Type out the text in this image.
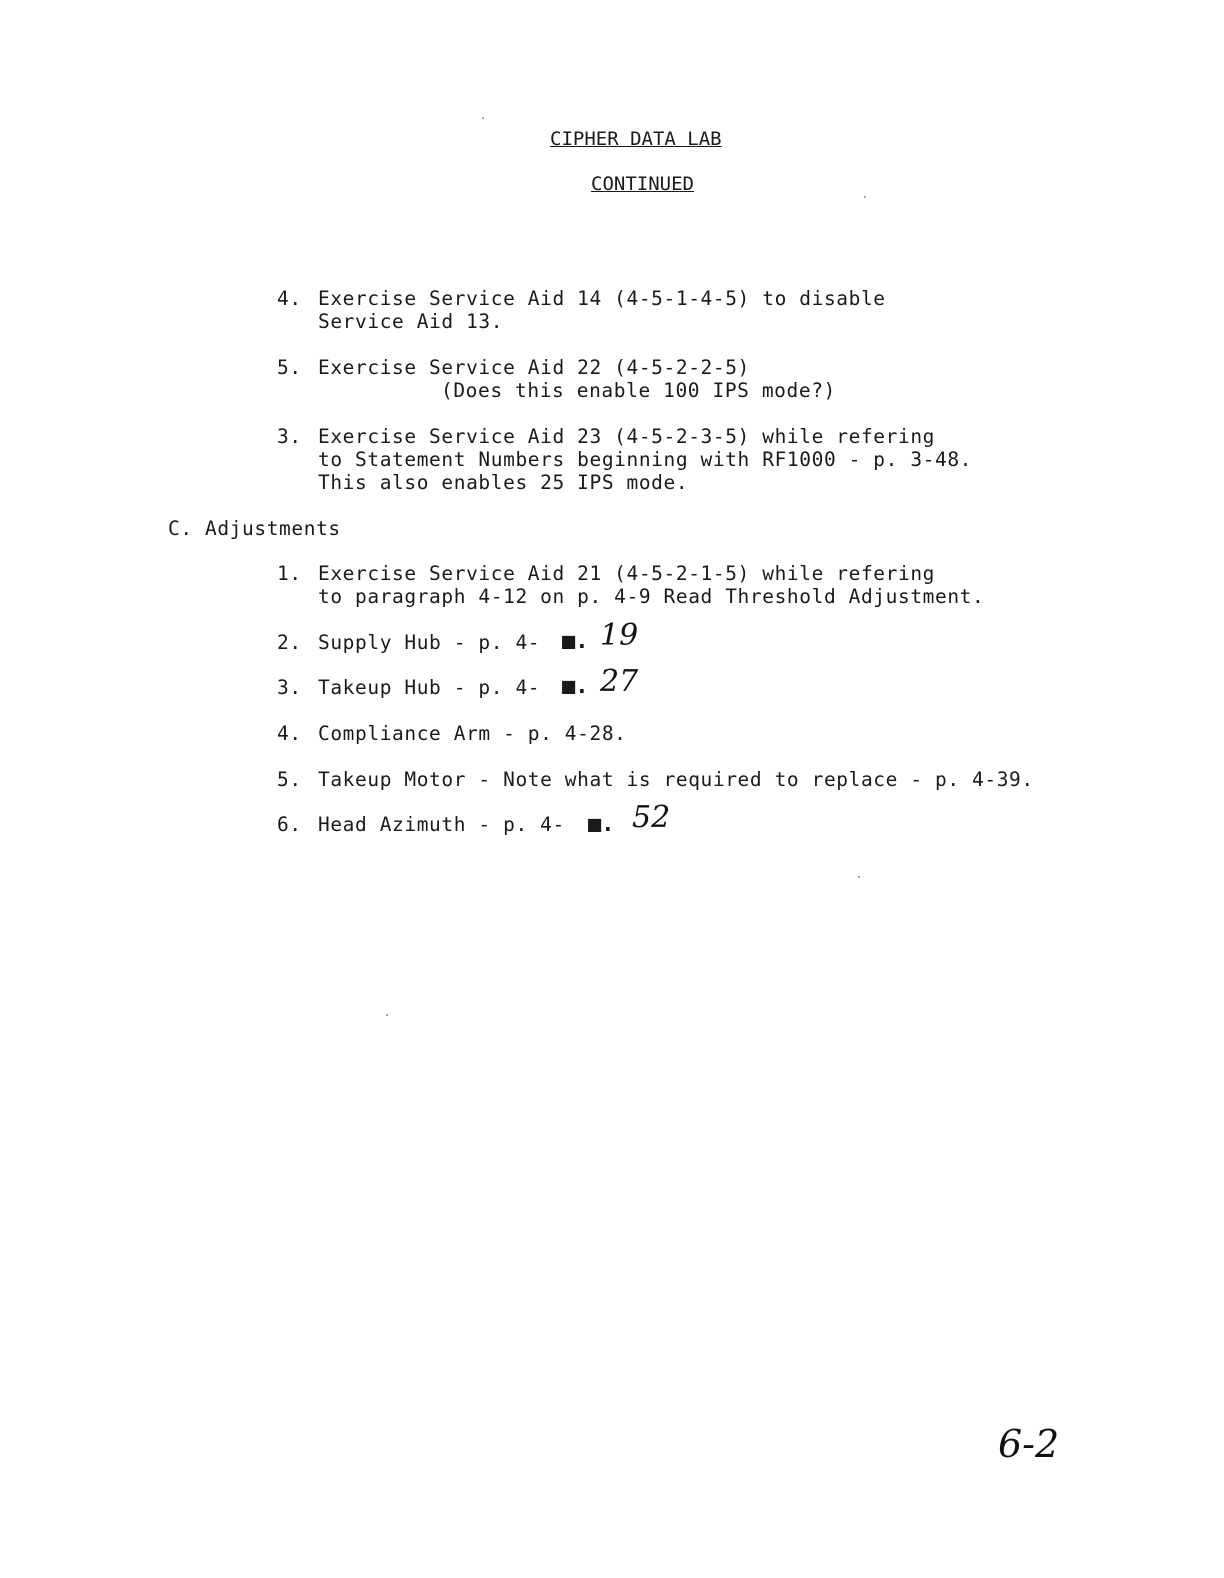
CIPHER DATA LAB
CONTINUED
4. Exercise Service Aid 14 (4-5-1-4-5) to disable
Service Aid 13.
5. Exercise Service Aid 22 (4-5-2-2-5)
(Does this enable 100 IPS mode?)
3. Exercise Service Aid 23 (4-5-2-3-5) while refering
to Statement Numbers beginning with RF1000 - p. 3-48.
This also enables 25 IPS mode.
C. Adjustments
1. Exercise Service Aid 21 (4-5-2-1-5) while refering
to paragraph 4-12 on p. 4-9 Read Threshold Adjustment.
2. Supply Hub - p. 4- ■. 19
3. Takeup Hub - p. 4- ■. 27
4. Compliance Arm - p. 4-28.
5. Takeup Motor - Note what is required to replace - p. 4-39.
6. Head Azimuth - p. 4- ■. 52
6-2
